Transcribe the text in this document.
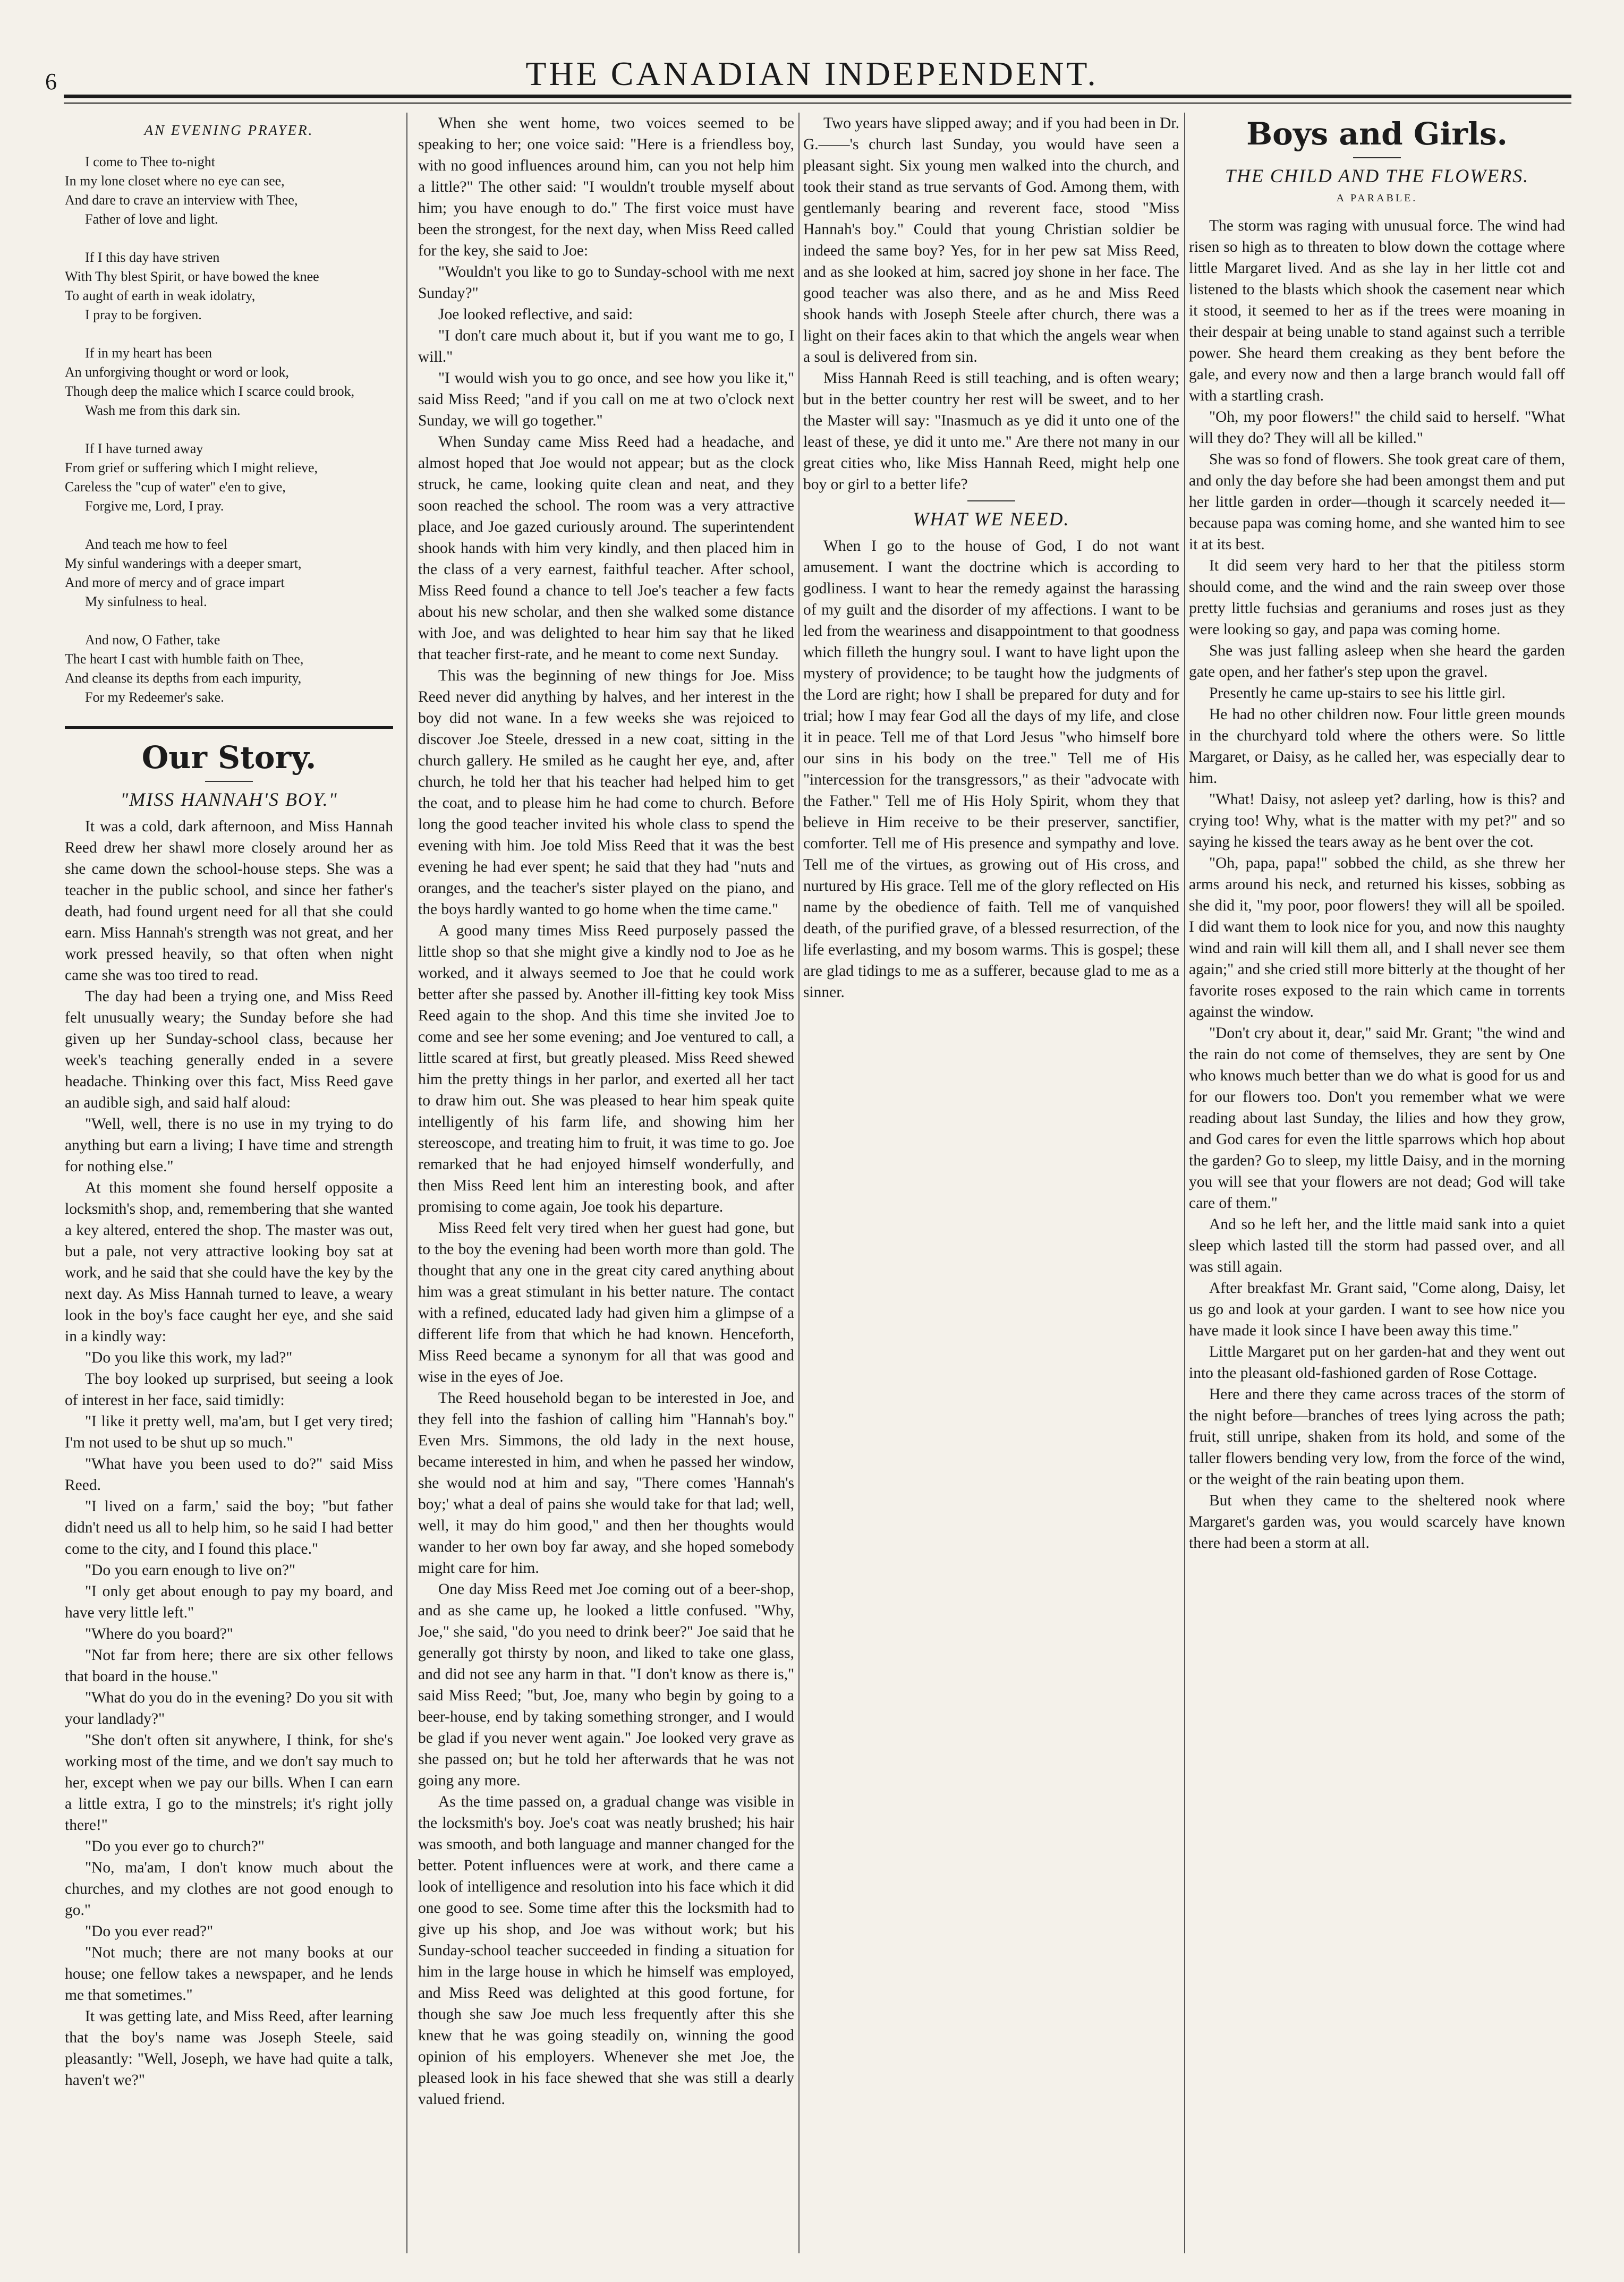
6	THE CANADIAN INDEPENDENT.
AN EVENING PRAYER.

I come to Thee to-night
In my lone closet where no eye can see,
And dare to crave an interview with Thee,
Father of love and light.

If I this day have striven
With Thy blest Spirit, or have bowed the knee
To aught of earth in weak idolatry,
I pray to be forgiven.

If in my heart has been
An unforgiving thought or word or look,
Though deep the malice which I scarce could brook,
Wash me from this dark sin.

If I have turned away
From grief or suffering which I might relieve,
Careless the "cup of water" e'en to give,
Forgive me, Lord, I pray.

And teach me how to feel
My sinful wanderings with a deeper smart,
And more of mercy and of grace impart
My sinfulness to heal.

And now, O Father, take
The heart I cast with humble faith on Thee,
And cleanse its depths from each impurity,
For my Redeemer's sake.

Our Story.
"MISS HANNAH'S BOY."

It was a cold, dark afternoon, and Miss Hannah Reed drew her shawl more closely around her as she came down the school-house steps. She was a teacher in the public school, and since her father's death, had found urgent need for all that she could earn. Miss Hannah's strength was not great, and her work pressed heavily, so that often when night came she was too tired to read.

The day had been a trying one, and Miss Reed felt unusually weary; the Sunday before she had given up her Sunday-school class, because her week's teaching generally ended in a severe headache. Thinking over this fact, Miss Reed gave an audible sigh, and said half aloud:

"Well, well, there is no use in my trying to do anything but earn a living; I have time and strength for nothing else."

At this moment she found herself opposite a locksmith's shop, and, remembering that she wanted a key altered, entered the shop. The master was out, but a pale, not very attractive looking boy sat at work, and he said that she could have the key by the next day. As Miss Hannah turned to leave, a weary look in the boy's face caught her eye, and she said in a kindly way:

"Do you like this work, my lad?"

The boy looked up surprised, but seeing a look of interest in her face, said timidly:

"I like it pretty well, ma'am, but I get very tired; I'm not used to be shut up so much."

"What have you been used to do?" said Miss Reed.

"I lived on a farm,' said the boy; "but father didn't need us all to help him, so he said I had better come to the city, and I found this place."

"Do you earn enough to live on?"

"I only get about enough to pay my board, and have very little left."

"Where do you board?"

"Not far from here; there are six other fellows that board in the house."

"What do you do in the evening? Do you sit with your landlady?"

"She don't often sit anywhere, I think, for she's working most of the time, and we don't say much to her, except when we pay our bills. When I can earn a little extra, I go to the minstrels; it's right jolly there!"

"Do you ever go to church?"

"No, ma'am, I don't know much about the churches, and my clothes are not good enough to go."

"Do you ever read?"

"Not much; there are not many books at our house; one fellow takes a newspaper, and he lends me that sometimes."

It was getting late, and Miss Reed, after learning that the boy's name was Joseph Steele, said pleasantly: "Well, Joseph, we have had quite a talk, haven't we?"

When she went home, two voices seemed to be speaking to her; one voice said: "Here is a friendless boy, with no good influences around him, can you not help him a little?" The other said: "I wouldn't trouble myself about him; you have enough to do." The first voice must have been the strongest, for the next day, when Miss Reed called for the key, she said to Joe:

"Wouldn't you like to go to Sunday-school with me next Sunday?"

Joe looked reflective, and said:

"I don't care much about it, but if you want me to go, I will."

"I would wish you to go once, and see how you like it," said Miss Reed; "and if you call on me at two o'clock next Sunday, we will go together."

When Sunday came Miss Reed had a headache, and almost hoped that Joe would not appear; but as the clock struck, he came, looking quite clean and neat, and they soon reached the school. The room was a very attractive place, and Joe gazed curiously around. The superintendent shook hands with him very kindly, and then placed him in the class of a very earnest, faithful teacher. After school, Miss Reed found a chance to tell Joe's teacher a few facts about his new scholar, and then she walked some distance with Joe, and was delighted to hear him say that he liked that teacher first-rate, and he meant to come next Sunday.

This was the beginning of new things for Joe. Miss Reed never did anything by halves, and her interest in the boy did not wane. In a few weeks she was rejoiced to discover Joe Steele, dressed in a new coat, sitting in the church gallery. He smiled as he caught her eye, and, after church, he told her that his teacher had helped him to get the coat, and to please him he had come to church. Before long the good teacher invited his whole class to spend the evening with him. Joe told Miss Reed that it was the best evening he had ever spent; he said that they had "nuts and oranges, and the teacher's sister played on the piano, and the boys hardly wanted to go home when the time came."

A good many times Miss Reed purposely passed the little shop so that she might give a kindly nod to Joe as he worked, and it always seemed to Joe that he could work better after she passed by. Another ill-fitting key took Miss Reed again to the shop. And this time she invited Joe to come and see her some evening; and Joe ventured to call, a little scared at first, but greatly pleased. Miss Reed shewed him the pretty things in her parlor, and exerted all her tact to draw him out. She was pleased to hear him speak quite intelligently of his farm life, and showing him her stereoscope, and treating him to fruit, it was time to go. Joe remarked that he had enjoyed himself wonderfully, and then Miss Reed lent him an interesting book, and after promising to come again, Joe took his departure.

Miss Reed felt very tired when her guest had gone, but to the boy the evening had been worth more than gold. The thought that any one in the great city cared anything about him was a great stimulant in his better nature. The contact with a refined, educated lady had given him a glimpse of a different life from that which he had known. Henceforth, Miss Reed became a synonym for all that was good and wise in the eyes of Joe.

The Reed household began to be interested in Joe, and they fell into the fashion of calling him "Hannah's boy." Even Mrs. Simmons, the old lady in the next house, became interested in him, and when he passed her window, she would nod at him and say, "There comes 'Hannah's boy;' what a deal of pains she would take for that lad; well, well, it may do him good," and then her thoughts would wander to her own boy far away, and she hoped somebody might care for him.

One day Miss Reed met Joe coming out of a beer-shop, and as she came up, he looked a little confused. "Why, Joe," she said, "do you need to drink beer?" Joe said that he generally got thirsty by noon, and liked to take one glass, and did not see any harm in that. "I don't know as there is," said Miss Reed; "but, Joe, many who begin by going to a beer-house, end by taking something stronger, and I would be glad if you never went again." Joe looked very grave as she passed on; but he told her afterwards that he was not going any more.

As the time passed on, a gradual change was visible in the locksmith's boy. Joe's coat was neatly brushed; his hair was smooth, and both language and manner changed for the better. Potent influences were at work, and there came a look of intelligence and resolution into his face which it did one good to see. Some time after this the locksmith had to give up his shop, and Joe was without work; but his Sunday-school teacher succeeded in finding a situation for him in the large house in which he himself was employed, and Miss Reed was delighted at this good fortune, for though she saw Joe much less frequently after this she knew that he was going steadily on, winning the good opinion of his employers. Whenever she met Joe, the pleased look in his face shewed that she was still a dearly valued friend.

Two years have slipped away; and if you had been in Dr. G.——'s church last Sunday, you would have seen a pleasant sight. Six young men walked into the church, and took their stand as true servants of God. Among them, with gentlemanly bearing and reverent face, stood "Miss Hannah's boy." Could that young Christian soldier be indeed the same boy? Yes, for in her pew sat Miss Reed, and as she looked at him, sacred joy shone in her face. The good teacher was also there, and as he and Miss Reed shook hands with Joseph Steele after church, there was a light on their faces akin to that which the angels wear when a soul is delivered from sin.

Miss Hannah Reed is still teaching, and is often weary; but in the better country her rest will be sweet, and to her the Master will say: "Inasmuch as ye did it unto one of the least of these, ye did it unto me." Are there not many in our great cities who, like Miss Hannah Reed, might help one boy or girl to a better life?

WHAT WE NEED.

When I go to the house of God, I do not want amusement. I want the doctrine which is according to godliness. I want to hear the remedy against the harassing of my guilt and the disorder of my affections. I want to be led from the weariness and disappointment to that goodness which filleth the hungry soul. I want to have light upon the mystery of providence; to be taught how the judgments of the Lord are right; how I shall be prepared for duty and for trial; how I may fear God all the days of my life, and close it in peace. Tell me of that Lord Jesus "who himself bore our sins in his body on the tree." Tell me of His "intercession for the transgressors," as their "advocate with the Father." Tell me of His Holy Spirit, whom they that believe in Him receive to be their preserver, sanctifier, comforter. Tell me of His presence and sympathy and love. Tell me of the virtues, as growing out of His cross, and nurtured by His grace. Tell me of the glory reflected on His name by the obedience of faith. Tell me of vanquished death, of the purified grave, of a blessed resurrection, of the life everlasting, and my bosom warms. This is gospel; these are glad tidings to me as a sufferer, because glad to me as a sinner.

Boys and Girls.
THE CHILD AND THE FLOWERS.
A PARABLE.

The storm was raging with unusual force. The wind had risen so high as to threaten to blow down the cottage where little Margaret lived. And as she lay in her little cot and listened to the blasts which shook the casement near which it stood, it seemed to her as if the trees were moaning in their despair at being unable to stand against such a terrible power. She heard them creaking as they bent before the gale, and every now and then a large branch would fall off with a startling crash.

"Oh, my poor flowers!" the child said to herself. "What will they do? They will all be killed."

She was so fond of flowers. She took great care of them, and only the day before she had been amongst them and put her little garden in order—though it scarcely needed it—because papa was coming home, and she wanted him to see it at its best.

It did seem very hard to her that the pitiless storm should come, and the wind and the rain sweep over those pretty little fuchsias and geraniums and roses just as they were looking so gay, and papa was coming home.

She was just falling asleep when she heard the garden gate open, and her father's step upon the gravel.

Presently he came up-stairs to see his little girl.

He had no other children now. Four little green mounds in the churchyard told where the others were. So little Margaret, or Daisy, as he called her, was especially dear to him.

"What! Daisy, not asleep yet? darling, how is this? and crying too! Why, what is the matter with my pet?" and so saying he kissed the tears away as he bent over the cot.

"Oh, papa, papa!" sobbed the child, as she threw her arms around his neck, and returned his kisses, sobbing as she did it, "my poor, poor flowers! they will all be spoiled. I did want them to look nice for you, and now this naughty wind and rain will kill them all, and I shall never see them again;" and she cried still more bitterly at the thought of her favorite roses exposed to the rain which came in torrents against the window.

"Don't cry about it, dear," said Mr. Grant; "the wind and the rain do not come of themselves, they are sent by One who knows much better than we do what is good for us and for our flowers too. Don't you remember what we were reading about last Sunday, the lilies and how they grow, and God cares for even the little sparrows which hop about the garden? Go to sleep, my little Daisy, and in the morning you will see that your flowers are not dead; God will take care of them."

And so he left her, and the little maid sank into a quiet sleep which lasted till the storm had passed over, and all was still again.

After breakfast Mr. Grant said, "Come along, Daisy, let us go and look at your garden. I want to see how nice you have made it look since I have been away this time."

Little Margaret put on her garden-hat and they went out into the pleasant old-fashioned garden of Rose Cottage.

Here and there they came across traces of the storm of the night before—branches of trees lying across the path; fruit, still unripe, shaken from its hold, and some of the taller flowers bending very low, from the force of the wind, or the weight of the rain beating upon them.

But when they came to the sheltered nook where Margaret's garden was, you would scarcely have known there had been a storm at all.
